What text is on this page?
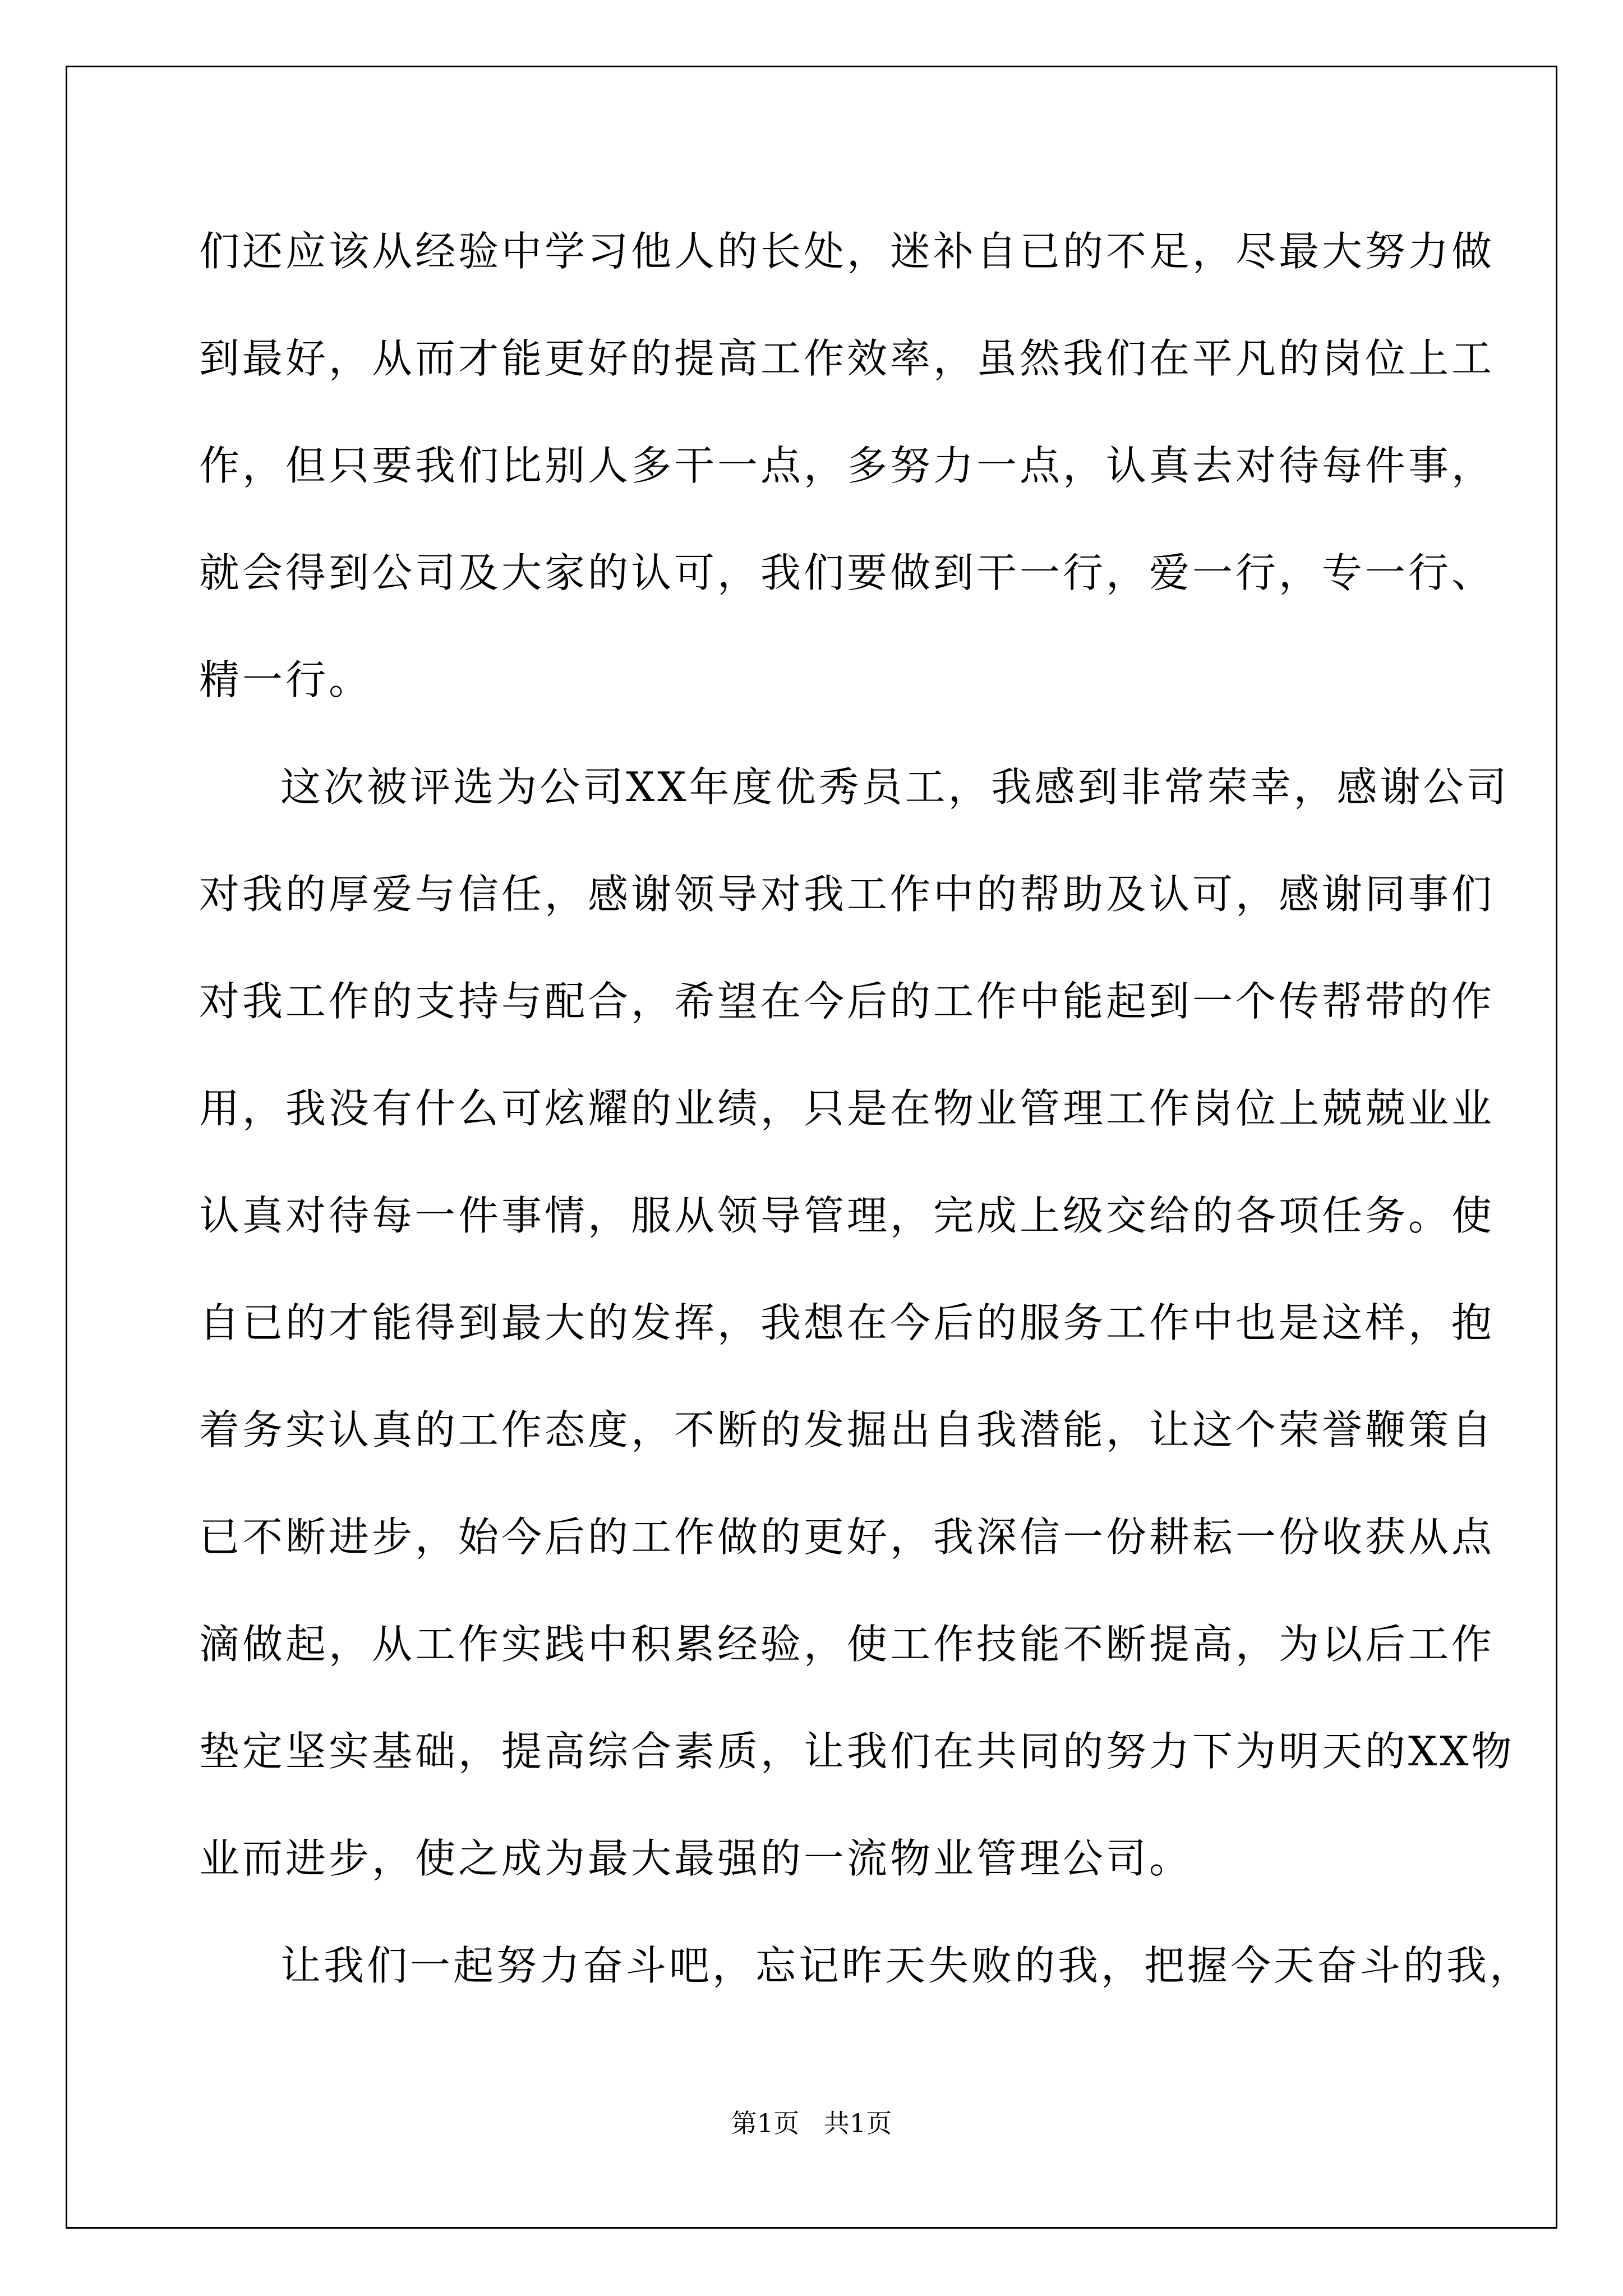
们还应该从经验中学习他人的长处，迷补自已的不足，尽最大努力做
到最好，从而才能更好的提高工作效率，虽然我们在平凡的岗位上工
作，但只要我们比别人多干一点，多努力一点，认真去对待每件事，
就会得到公司及大家的认可，我们要做到干一行，爱一行，专一行、
精一行。
这次被评选为公司XX年度优秀员工，我感到非常荣幸，感谢公司
对我的厚爱与信任，感谢领导对我工作中的帮助及认可，感谢同事们
对我工作的支持与配合，希望在今后的工作中能起到一个传帮带的作
用，我没有什么可炫耀的业绩，只是在物业管理工作岗位上兢兢业业
认真对待每一件事情，服从领导管理，完成上级交给的各项任务。使
自已的才能得到最大的发挥，我想在今后的服务工作中也是这样，抱
着务实认真的工作态度，不断的发掘出自我潜能，让这个荣誉鞭策自
已不断进步，始今后的工作做的更好，我深信一份耕耘一份收获从点
滴做起，从工作实践中积累经验，使工作技能不断提高，为以后工作
垫定坚实基础，提高综合素质，让我们在共同的努力下为明天的XX物
业而进步，使之成为最大最强的一流物业管理公司。
让我们一起努力奋斗吧，忘记昨天失败的我，把握今天奋斗的我，
第1页   共1页
